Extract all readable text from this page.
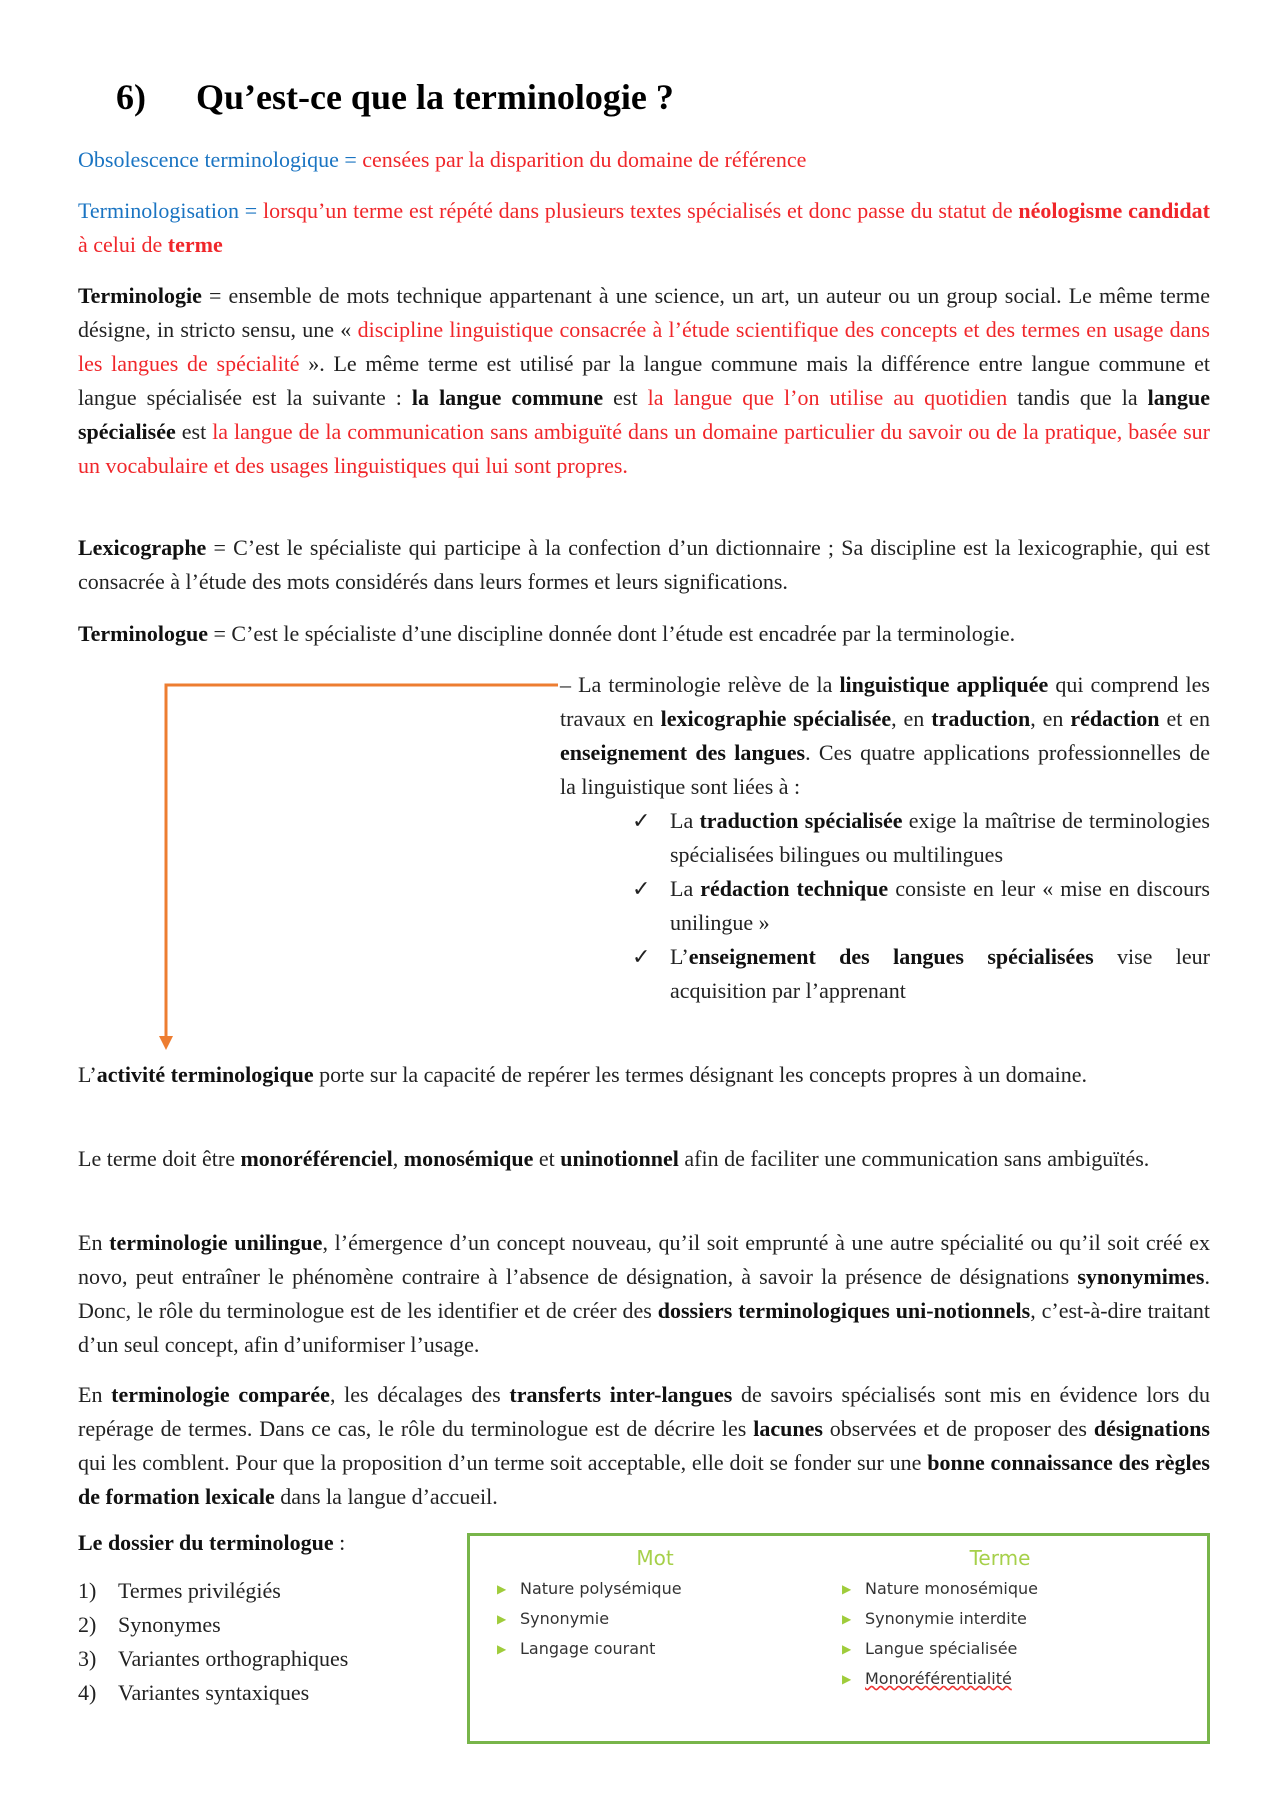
6) Qu’est-ce que la terminologie ?
Obsolescence terminologique = censées par la disparition du domaine de référence
Terminologisation = lorsqu’un terme est répété dans plusieurs textes spécialisés et donc passe du statut de néologisme candidat à celui de terme
Terminologie = ensemble de mots technique appartenant à une science, un art, un auteur ou un group social. Le même terme désigne, in stricto sensu, une « discipline linguistique consacrée à l’étude scientifique des concepts et des termes en usage dans les langues de spécialité ». Le même terme est utilisé par la langue commune mais la différence entre langue commune et langue spécialisée est la suivante : la langue commune est la langue que l’on utilise au quotidien tandis que la langue spécialisée est la langue de la communication sans ambiguïté dans un domaine particulier du savoir ou de la pratique, basée sur un vocabulaire et des usages linguistiques qui lui sont propres.
Lexicographe = C’est le spécialiste qui participe à la confection d’un dictionnaire ; Sa discipline est la lexicographie, qui est consacrée à l’étude des mots considérés dans leurs formes et leurs significations.
Terminologue = C’est le spécialiste d’une discipline donnée dont l’étude est encadrée par la terminologie.
– La terminologie relève de la linguistique appliquée qui comprend les travaux en lexicographie spécialisée, en traduction, en rédaction et en enseignement des langues. Ces quatre applications professionnelles de la linguistique sont liées à :
✓ La traduction spécialisée exige la maîtrise de terminologies spécialisées bilingues ou multilingues
✓ La rédaction technique consiste en leur « mise en discours unilingue »
✓ L’enseignement des langues spécialisées vise leur acquisition par l’apprenant
L’activité terminologique porte sur la capacité de repérer les termes désignant les concepts propres à un domaine.
Le terme doit être monoréférenciel, monosémique et uninotionnel afin de faciliter une communication sans ambiguïtés.
En terminologie unilingue, l’émergence d’un concept nouveau, qu’il soit emprunté à une autre spécialité ou qu’il soit créé ex novo, peut entraîner le phénomène contraire à l’absence de désignation, à savoir la présence de désignations synonymimes. Donc, le rôle du terminologue est de les identifier et de créer des dossiers terminologiques uni-notionnels, c’est-à-dire traitant d’un seul concept, afin d’uniformiser l’usage.
En terminologie comparée, les décalages des transferts inter-langues de savoirs spécialisés sont mis en évidence lors du repérage de termes. Dans ce cas, le rôle du terminologue est de décrire les lacunes observées et de proposer des désignations qui les comblent. Pour que la proposition d’un terme soit acceptable, elle doit se fonder sur une bonne connaissance des règles de formation lexicale dans la langue d’accueil.
Le dossier du terminologue :
1) Termes privilégiés
2) Synonymes
3) Variantes orthographiques
4) Variantes syntaxiques
Mot
▶ Nature polysémique
▶ Synonymie
▶ Langage courant
Terme
▶ Nature monosémique
▶ Synonymie interdite
▶ Langue spécialisée
▶ Monoréférentialité
